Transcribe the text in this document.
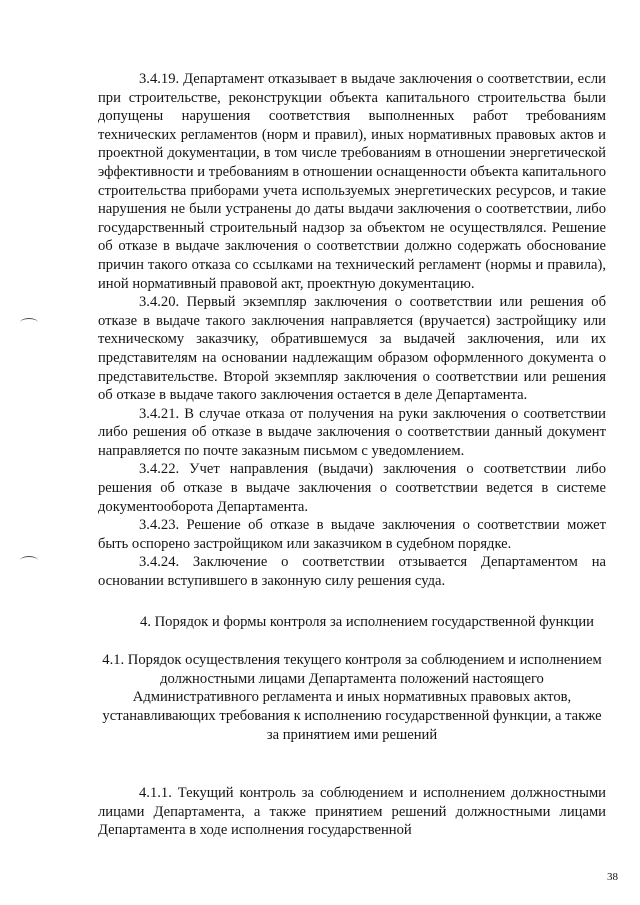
3.4.19. Департамент отказывает в выдаче заключения о соответствии, если при строительстве, реконструкции объекта капитального строительства были допущены нарушения соответствия выполненных работ требованиям технических регламентов (норм и правил), иных нормативных правовых актов и проектной документации, в том числе требованиям в отношении энергетической эффективности и требованиям в отношении оснащенности объекта капитального строительства приборами учета используемых энергетических ресурсов, и такие нарушения не были устранены до даты выдачи заключения о соответствии, либо государственный строительный надзор за объектом не осуществлялся. Решение об отказе в выдаче заключения о соответствии должно содержать обоснование причин такого отказа со ссылками на технический регламент (нормы и правила), иной нормативный правовой акт, проектную документацию.

3.4.20. Первый экземпляр заключения о соответствии или решения об отказе в выдаче такого заключения направляется (вручается) застройщику или техническому заказчику, обратившемуся за выдачей заключения, или их представителям на основании надлежащим образом оформленного документа о представительстве. Второй экземпляр заключения о соответствии или решения об отказе в выдаче такого заключения остается в деле Департамента.

3.4.21. В случае отказа от получения на руки заключения о соответствии либо решения об отказе в выдаче заключения о соответствии данный документ направляется по почте заказным письмом с уведомлением.

3.4.22. Учет направления (выдачи) заключения о соответствии либо решения об отказе в выдаче заключения о соответствии ведется в системе документооборота Департамента.

3.4.23. Решение об отказе в выдаче заключения о соответствии может быть оспорено застройщиком или заказчиком в судебном порядке.

3.4.24. Заключение о соответствии отзывается Департаментом на основании вступившего в законную силу решения суда.

4. Порядок и формы контроля за исполнением государственной функции

4.1. Порядок осуществления текущего контроля за соблюдением и исполнением должностными лицами Департамента положений настоящего Административного регламента и иных нормативных правовых актов, устанавливающих требования к исполнению государственной функции, а также за принятием ими решений

4.1.1. Текущий контроль за соблюдением и исполнением должностными лицами Департамента, а также принятием решений должностными лицами Департамента в ходе исполнения государственной

38
